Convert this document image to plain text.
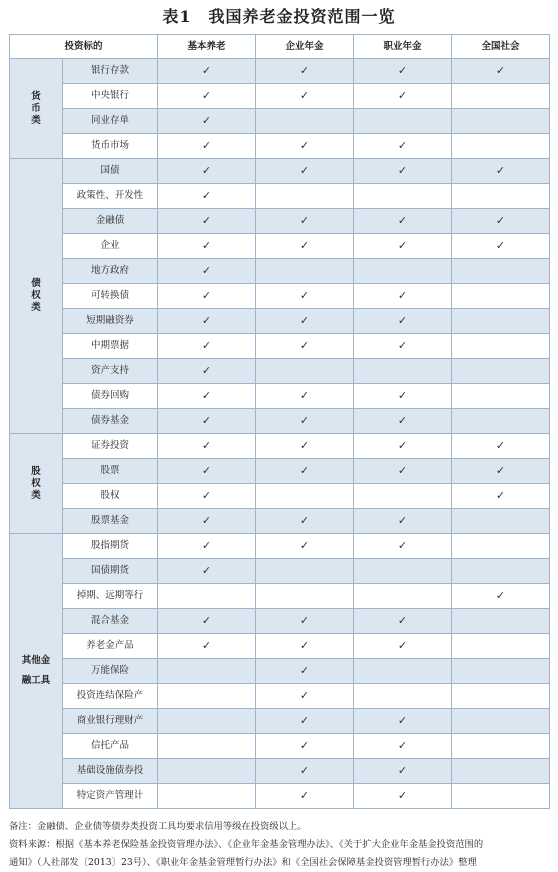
表1　我国养老金投资范围一览
投资标的		基本养老	企业年金	职业年金	全国社会
货
币
类	银行存款	✓	✓	✓	✓
	中央银行	✓	✓	✓	
	同业存单	✓			
	货币市场	✓	✓	✓	
债
权
类	国债	✓	✓	✓	✓
	政策性、开发性	✓			
	金融债	✓	✓	✓	✓
	企业	✓	✓	✓	✓
	地方政府	✓			
	可转换债	✓	✓	✓	
	短期融资券	✓	✓	✓	
	中期票据	✓	✓	✓	
	资产支持	✓			
	债券回购	✓	✓	✓	
	债券基金	✓	✓	✓	
股
权
类	证券投资	✓	✓	✓	✓
	股票	✓	✓	✓	✓
	股权	✓			✓
	股票基金	✓	✓	✓	
其他金
融工具	股指期货	✓	✓	✓	
	国债期货	✓			
	掉期、远期等行				✓
	混合基金	✓	✓	✓	
	养老金产品	✓	✓	✓	
	万能保险		✓		
	投资连结保险产		✓		
	商业银行理财产		✓	✓	
	信托产品		✓	✓	
	基础设施债券投		✓	✓	
	特定资产管理计		✓	✓	
备注：金融债、企业债等债券类投资工具均要求信用等级在投资级以上。
资料来源：根据《基本养老保险基金投资管理办法》、《企业年金基金管理办法》、《关于扩大企业年金基金投资范围的
通知》（人社部发〔2013〕23号）、《职业年金基金管理暂行办法》和《全国社会保障基金投资管理暂行办法》整理
